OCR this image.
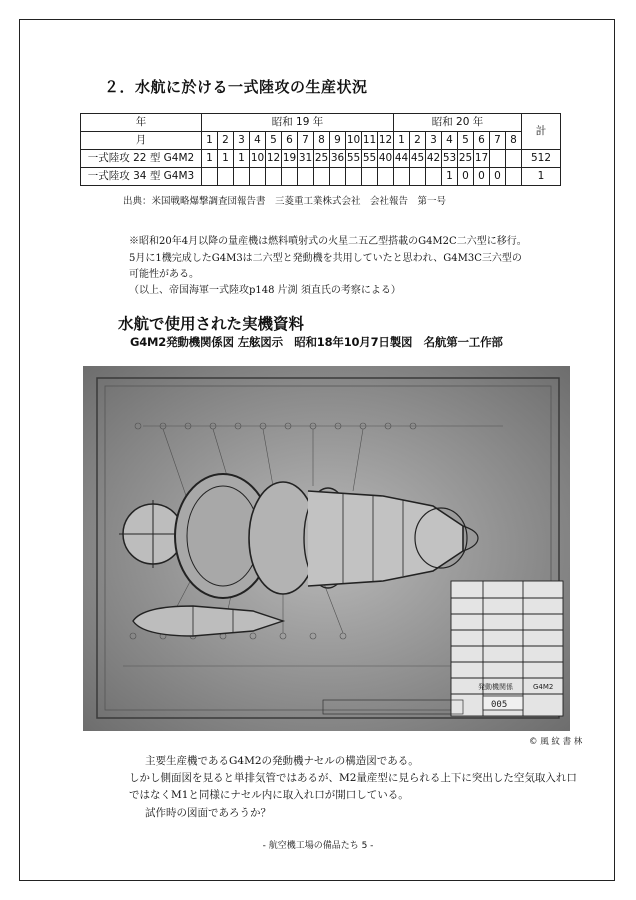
２．水航に於ける一式陸攻の生産状況
年	昭和 19 年												昭和 20 年								計
月	1	2	3	4	5	6	7	8	9	10	11	12	1	2	3	4	5	6	7	8	
一式陸攻 22 型 G4M2	1	1	1	10	12	19	31	25	36	55	55	40	44	45	42	53	25	17			512
一式陸攻 34 型 G4M3																1	0	0	0		1
出典：米国戦略爆撃調査団報告書　三菱重工業株式会社　会社報告　第一号
※昭和20年4月以降の量産機は燃料噴射式の火星二五乙型搭載のG4M2C二六型に移行。
5月に1機完成したG4M3は二六型と発動機を共用していたと思われ、G4M3C三六型の
可能性がある。
（以上、帝国海軍一式陸攻p148 片渕 須直氏の考察による）
水航で使用された実機資料
G4M2発動機関係図 左舷図示　昭和18年10月7日製図　名航第一工作部
発動機関係	G4M2
005
© 風 紋 書 林
主要生産機であるG4M2の発動機ナセルの構造図である。
しかし側面図を見ると単排気管ではあるが、M2量産型に見られる上下に突出した空気取入れ口
ではなくM1と同様にナセル内に取入れ口が開口している。
試作時の図面であろうか？
- 航空機工場の備品たち 5 -
